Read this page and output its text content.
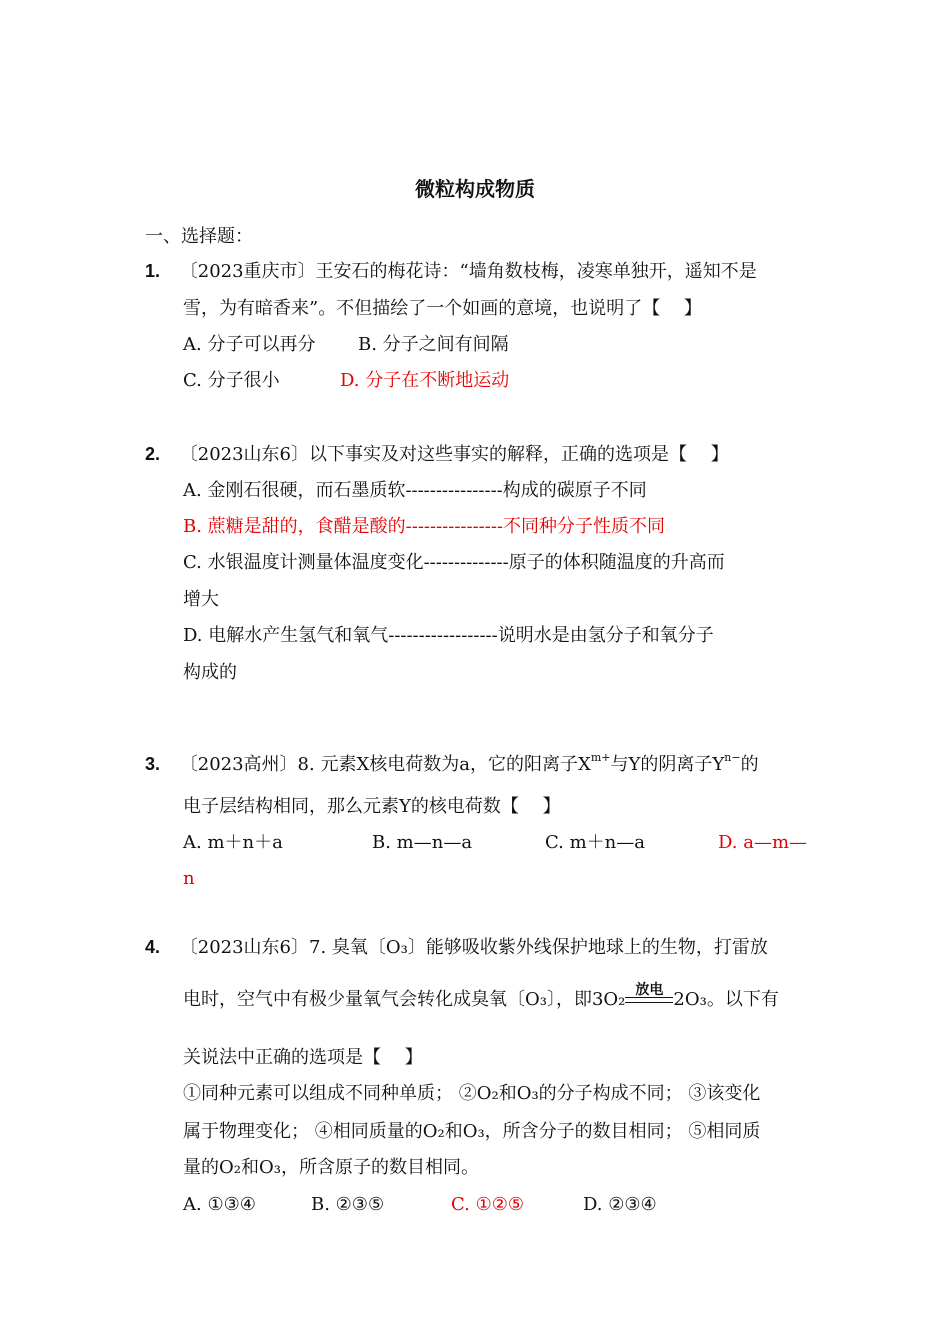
微粒构成物质
一、选择题：
1. 〔2023重庆市〕王安石的梅花诗：“墙角数枝梅，凌寒单独开，遥知不是
雪，为有暗香来”。不但描绘了一个如画的意境，也说明了【　 】
A. 分子可以再分 B. 分子之间有间隔
C. 分子很小	D. 分子在不断地运动
2. 〔2023山东6〕以下事实及对这些事实的解释，正确的选项是【　 】
A. 金刚石很硬，而石墨质软----------------构成的碳原子不同
B. 蔗糖是甜的，食醋是酸的----------------不同种分子性质不同
C. 水银温度计测量体温度变化--------------原子的体积随温度的升高而
增大
D. 电解水产生氢气和氧气------------------说明水是由氢分子和氧分子
构成的
3. 〔2023高州〕8. 元素X核电荷数为a，它的阳离子$X^{m+}$与Y的阴离子$Y^{n-}$的
电子层结构相同，那么元素Y的核电荷数【　 】
A. m＋n＋a	B. m—n—a	C. m＋n—a	D. a—m—
n
4. 〔2023山东6〕7. 臭氧〔O₃〕能够吸收紫外线保护地球上的生物，打雷放
电时，空气中有极少量氧气会转化成臭氧〔O₃〕，即3O₂ 放电 2O₃。以下有
关说法中正确的选项是【　 】
①同种元素可以组成不同种单质； ②O₂和O₃的分子构成不同； ③该变化
属于物理变化； ④相同质量的O₂和O₃，所含分子的数目相同； ⑤相同质
量的O₂和O₃，所含原子的数目相同。
A. ①③④	B. ②③⑤	C. ①②⑤	D. ②③④
